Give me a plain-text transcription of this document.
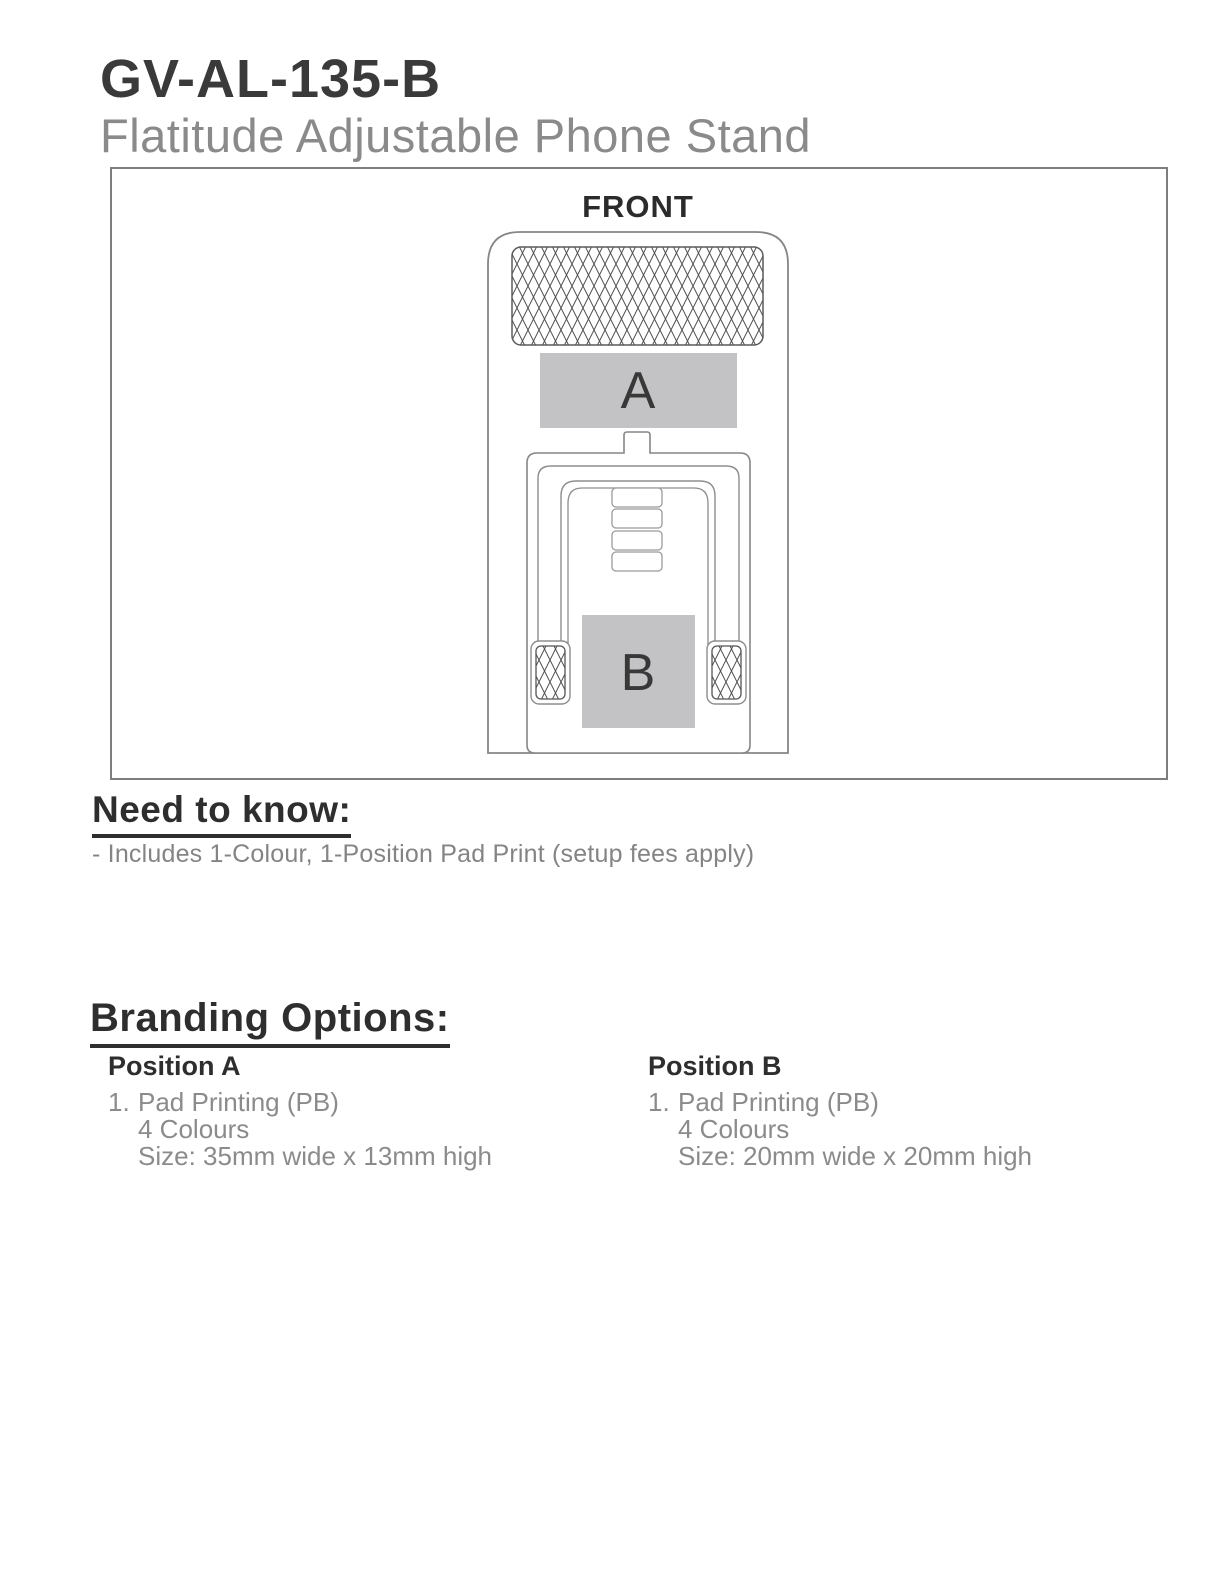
GV-AL-135-B
Flatitude Adjustable Phone Stand
FRONT
A
B
Need to know:
- Includes 1-Colour, 1-Position Pad Print (setup fees apply)
Branding Options:
Position A
1. Pad Printing (PB)
4 Colours
Size: 35mm wide x 13mm high
Position B
1. Pad Printing (PB)
4 Colours
Size: 20mm wide x 20mm high
